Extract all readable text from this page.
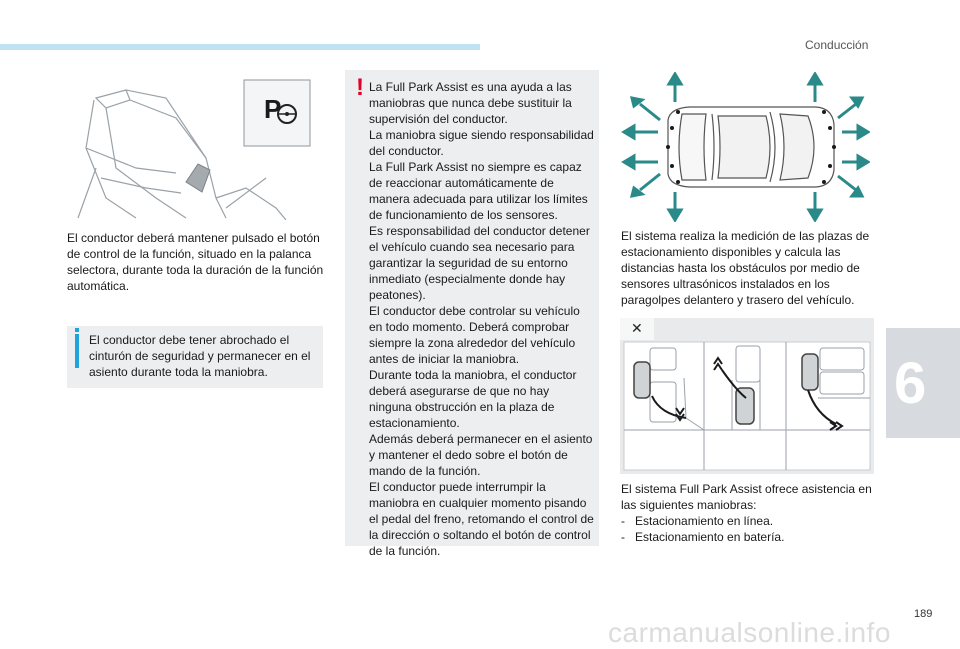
Conducción
P
El conductor deberá mantener pulsado el botón de control de la función, situado en la palanca selectora, durante toda la duración de la función automática.
El conductor debe tener abrochado el cinturón de seguridad y permanecer en el asiento durante toda la maniobra.
! La Full Park Assist es una ayuda a las maniobras que nunca debe sustituir la supervisión del conductor.

La maniobra sigue siendo responsabilidad del conductor.

La Full Park Assist no siempre es capaz de reaccionar automáticamente de manera adecuada para utilizar los límites de funcionamiento de los sensores.

Es responsabilidad del conductor detener el vehículo cuando sea necesario para garantizar la seguridad de su entorno inmediato (especialmente donde hay peatones).

El conductor debe controlar su vehículo en todo momento. Deberá comprobar siempre la zona alrededor del vehículo antes de iniciar la maniobra.

Durante toda la maniobra, el conductor deberá asegurarse de que no hay ninguna obstrucción en la plaza de estacionamiento.

Además deberá permanecer en el asiento y mantener el dedo sobre el botón de mando de la función.

El conductor puede interrumpir la maniobra en cualquier momento pisando el pedal del freno, retomando el control de la dirección o soltando el botón de control de la función.

El sistema realiza la medición de las plazas de estacionamiento disponibles y calcula las distancias hasta los obstáculos por medio de sensores ultrasónicos instalados en los paragolpes delantero y trasero del vehículo.
✕
El sistema Full Park Assist ofrece asistencia en las siguientes maniobras:
- Estacionamiento en línea.
- Estacionamiento en batería.
6
carmanualsonline.info
189
